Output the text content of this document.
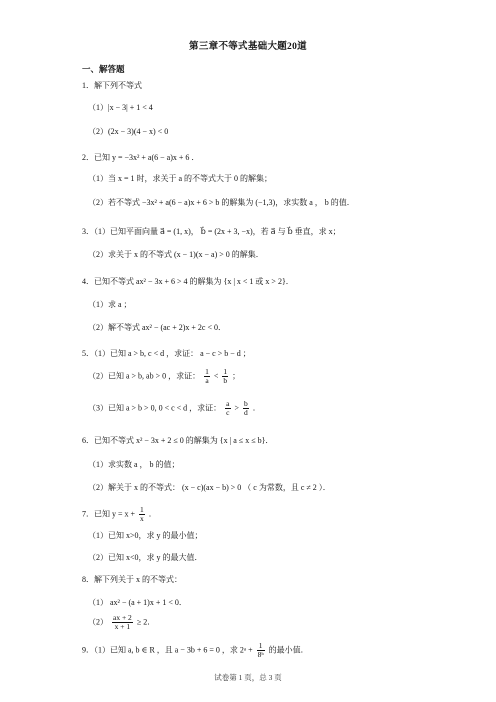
第三章不等式基础大题20道
一、解答题
1．解下列不等式
（1）|x − 3| + 1 < 4
（2）(2x − 3)(4 − x) < 0
2．已知 y = −3x² + a(6 − a)x + 6 ．
（1）当 x = 1 时，求关于 a 的不等式大于 0 的解集；
（2）若不等式 −3x² + a(6 − a)x + 6 > b 的解集为 (−1,3)，求实数 a ， b 的值．
3．（1）已知平面向量 a⃗ = (1, x)， b⃗ = (2x + 3, −x)，若 a⃗ 与 b⃗ 垂直，求 x；
（2）求关于 x 的不等式 (x − 1)(x − a) > 0 的解集．
4．已知不等式 ax² − 3x + 6 > 4 的解集为 {x | x < 1 或 x > 2}．
（1）求 a ；
（2）解不等式 ax² − (ac + 2)x + 2c < 0．
5．（1）已知 a > b, c < d ，求证： a − c > b − d ；
（2）已知 a > b, ab > 0 ，求证： $\frac{1}{a} < \frac{1}{b}$ ；
（3）已知 a > b > 0, 0 < c < d ，求证： $\frac{a}{c} > \frac{b}{d}$ ．
6．已知不等式 x² − 3x + 2 ≤ 0 的解集为 {x | a ≤ x ≤ b}．
（1）求实数 a ， b 的值；
（2）解关于 x 的不等式： (x − c)(ax − b) > 0 （ c 为常数，且 c ≠ 2 ）．
7．已知 $y = x + \frac{1}{x}$ ．
（1）已知 x>0，求 y 的最小值；
（2）已知 x<0，求 y 的最大值．
8．解下列关于 x 的不等式：
（1） ax² − (a + 1)x + 1 < 0．
$(2) \frac{ax + 2}{x + 1} \ge 2$．
9．（1）已知 a, b ∈ R ，且 a − 3b + 6 = 0 ，求 2ᵃ + $\frac{1}{\text{8ᵇ}}$ 的最小值．
试卷第 1 页，总 3 页
